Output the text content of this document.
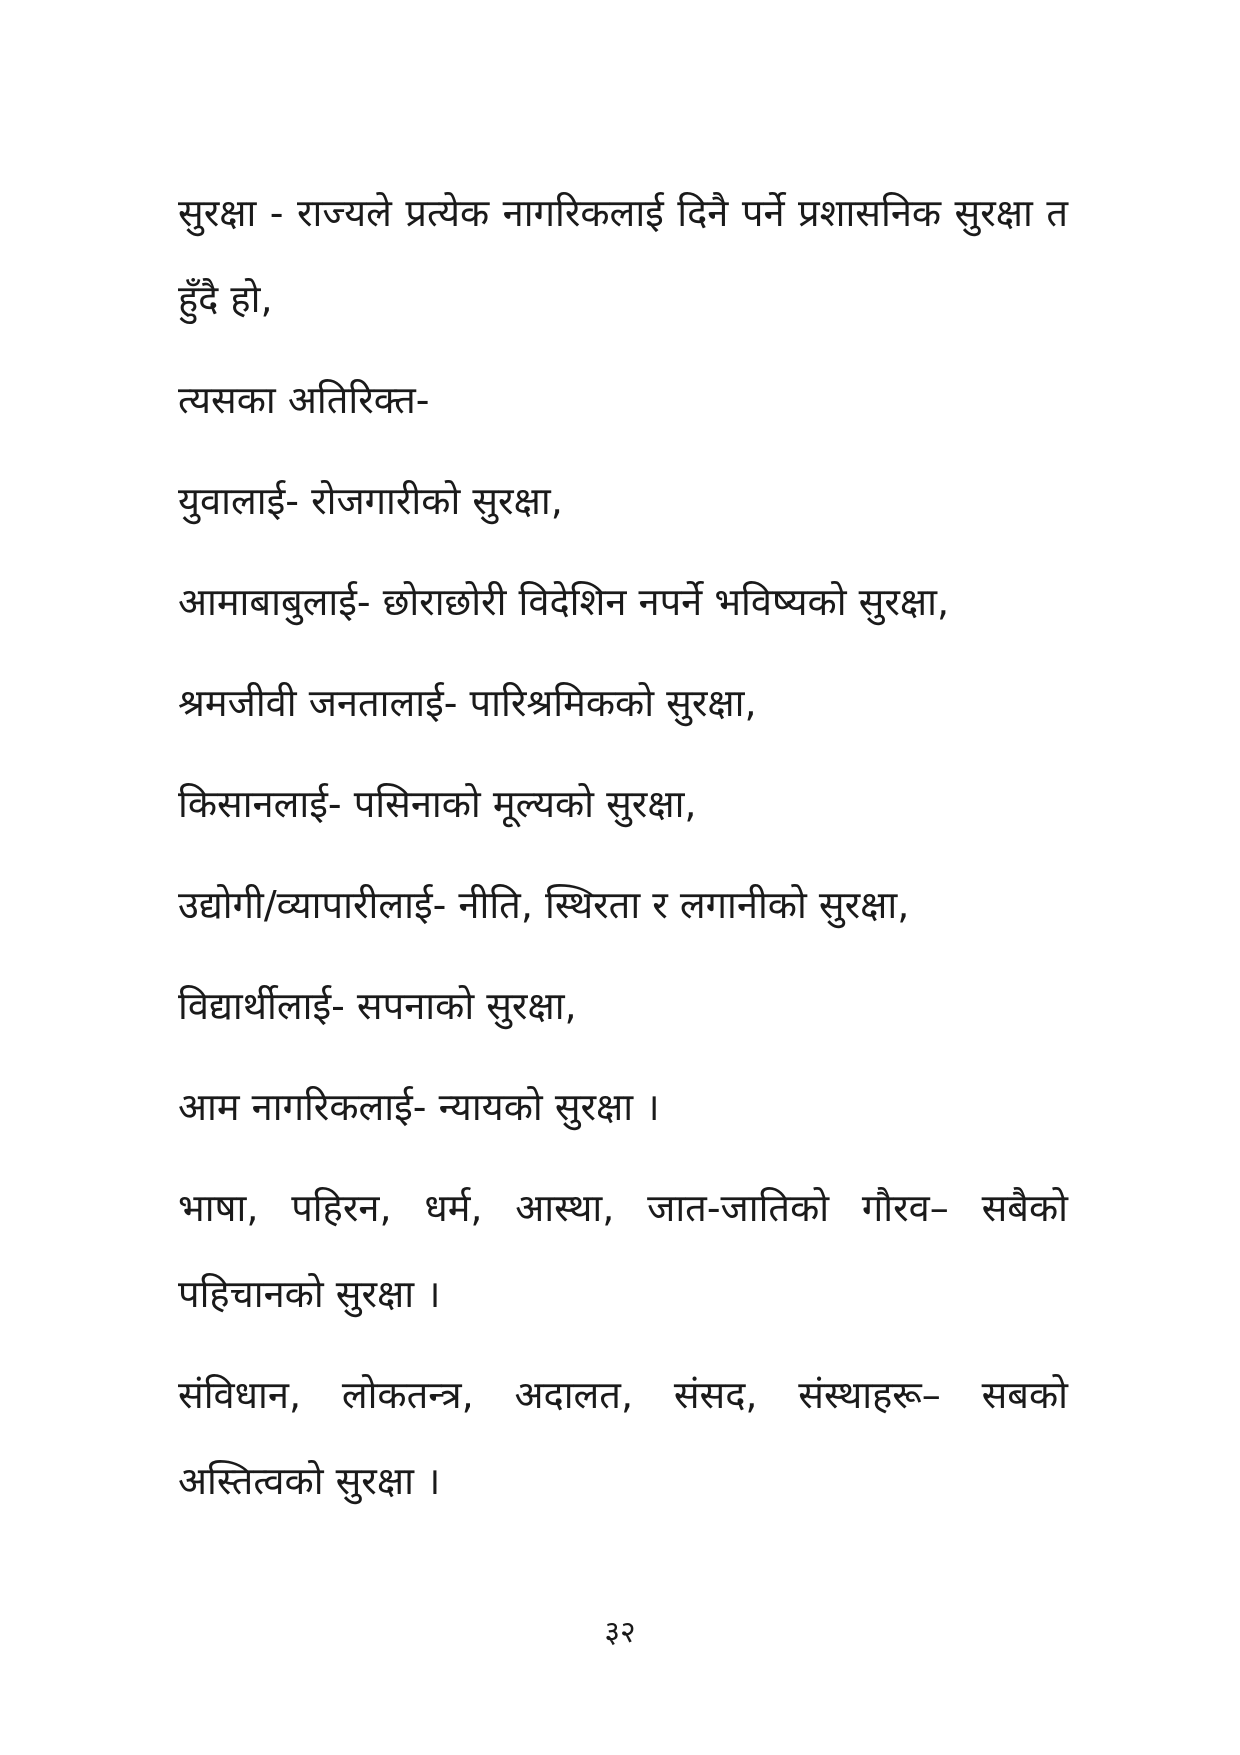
सुरक्षा - राज्यले प्रत्येक नागरिकलाई दिनै पर्ने प्रशासनिक सुरक्षा त हुँदै हो,

त्यसका अतिरिक्त-

युवालाई- रोजगारीको सुरक्षा,

आमाबाबुलाई- छोराछोरी विदेशिन नपर्ने भविष्यको सुरक्षा,

श्रमजीवी जनतालाई- पारिश्रमिकको सुरक्षा,

किसानलाई- पसिनाको मूल्यको सुरक्षा,

उद्योगी/व्यापारीलाई- नीति, स्थिरता र लगानीको सुरक्षा,

विद्यार्थीलाई- सपनाको सुरक्षा,

आम नागरिकलाई- न्यायको सुरक्षा ।

भाषा, पहिरन, धर्म, आस्था, जात-जातिको गौरव– सबैको पहिचानको सुरक्षा ।

संविधान, लोकतन्त्र, अदालत, संसद, संस्थाहरू– सबको अस्तित्वको सुरक्षा ।

३२
